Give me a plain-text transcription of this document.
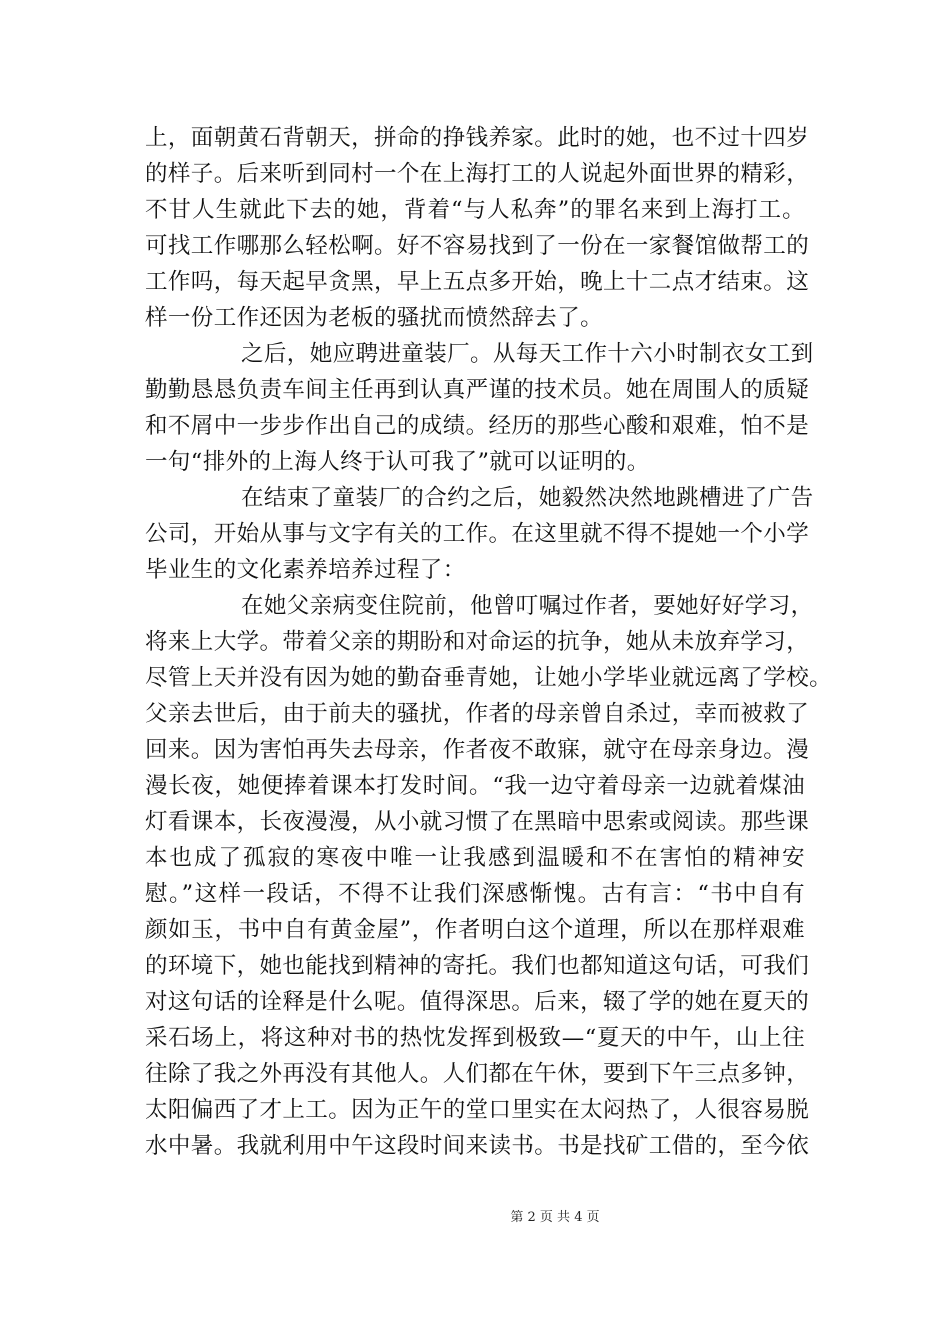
上，面朝黄石背朝天，拼命的挣钱养家。此时的她，也不过十四岁
的样子。后来听到同村一个在上海打工的人说起外面世界的精彩，
不甘人生就此下去的她，背着“与人私奔”的罪名来到上海打工。
可找工作哪那么轻松啊。好不容易找到了一份在一家餐馆做帮工的
工作吗，每天起早贪黑，早上五点多开始，晚上十二点才结束。这
样一份工作还因为老板的骚扰而愤然辞去了。
之后，她应聘进童装厂。从每天工作十六小时制衣女工到
勤勤恳恳负责车间主任再到认真严谨的技术员。她在周围人的质疑
和不屑中一步步作出自己的成绩。经历的那些心酸和艰难，怕不是
一句“排外的上海人终于认可我了”就可以证明的。
在结束了童装厂的合约之后，她毅然决然地跳槽进了广告
公司，开始从事与文字有关的工作。在这里就不得不提她一个小学
毕业生的文化素养培养过程了：
在她父亲病变住院前，他曾叮嘱过作者，要她好好学习，
将来上大学。带着父亲的期盼和对命运的抗争，她从未放弃学习，
尽管上天并没有因为她的勤奋垂青她，让她小学毕业就远离了学校。
父亲去世后，由于前夫的骚扰，作者的母亲曾自杀过，幸而被救了
回来。因为害怕再失去母亲，作者夜不敢寐，就守在母亲身边。漫
漫长夜，她便捧着课本打发时间。“我一边守着母亲一边就着煤油
灯看课本，长夜漫漫，从小就习惯了在黑暗中思索或阅读。那些课
本也成了孤寂的寒夜中唯一让我感到温暖和不在害怕的精神安
慰。”这样一段话，不得不让我们深感惭愧。古有言：“书中自有
颜如玉，书中自有黄金屋”，作者明白这个道理，所以在那样艰难
的环境下，她也能找到精神的寄托。我们也都知道这句话，可我们
对这句话的诠释是什么呢。值得深思。后来，辍了学的她在夏天的
采石场上，将这种对书的热忱发挥到极致—“夏天的中午，山上往
往除了我之外再没有其他人。人们都在午休，要到下午三点多钟，
太阳偏西了才上工。因为正午的堂口里实在太闷热了，人很容易脱
水中暑。我就利用中午这段时间来读书。书是找矿工借的，至今依
第 2 页 共 4 页
